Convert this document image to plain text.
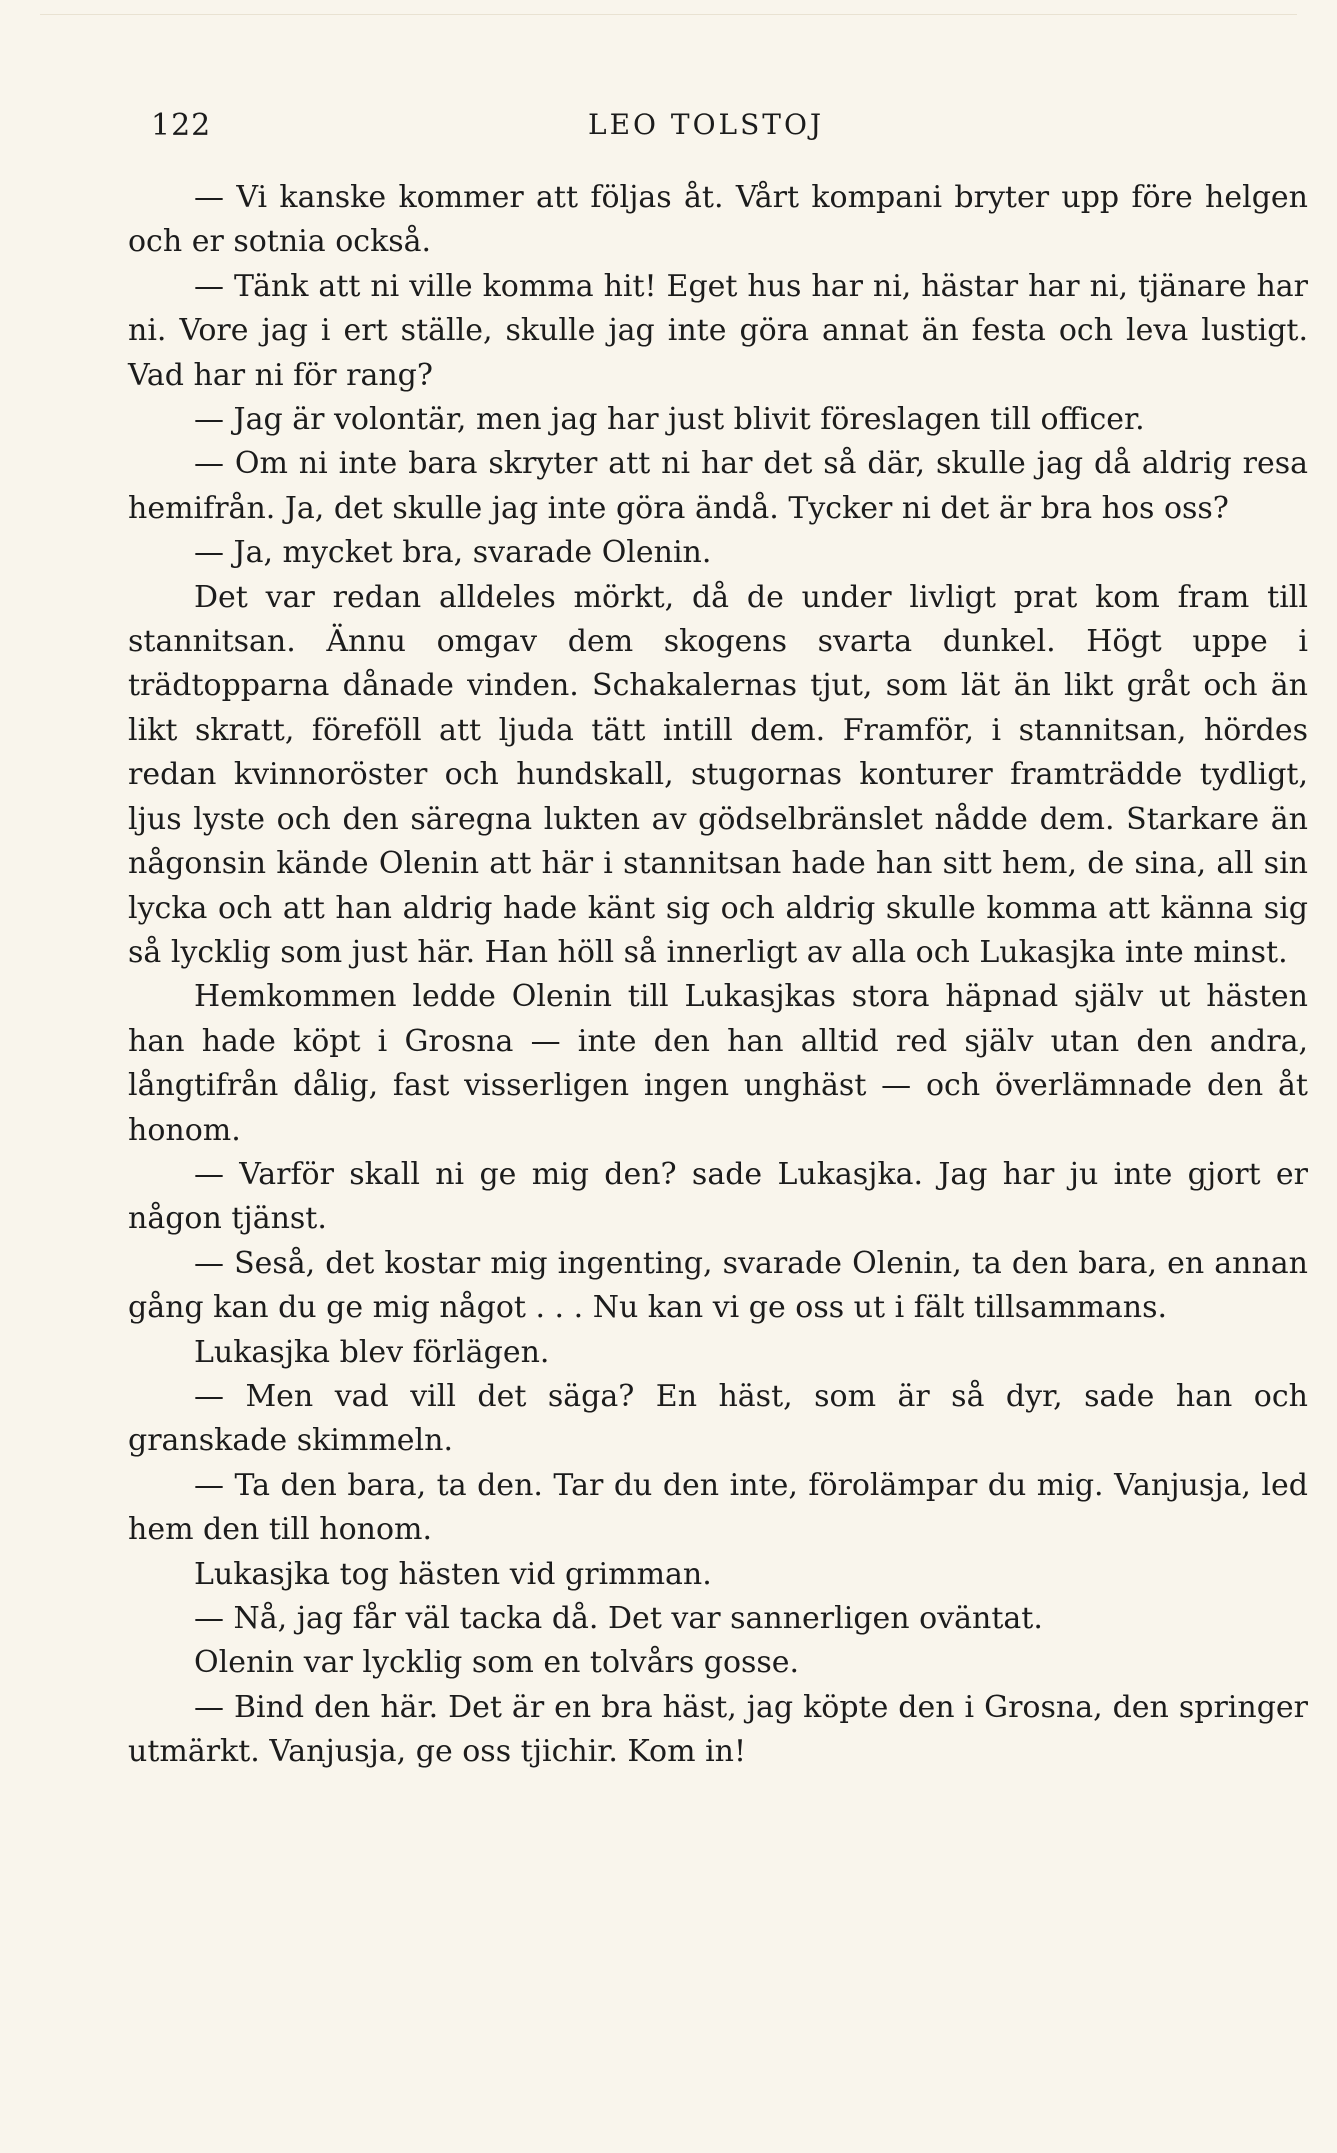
122	LEO TOLSTOJ

— Vi kanske kommer att följas åt. Vårt kompani bryter upp före helgen och er sotnia också.

— Tänk att ni ville komma hit! Eget hus har ni, hästar har ni, tjänare har ni. Vore jag i ert ställe, skulle jag inte göra annat än festa och leva lustigt. Vad har ni för rang?

— Jag är volontär, men jag har just blivit föreslagen till officer.

— Om ni inte bara skryter att ni har det så där, skulle jag då aldrig resa hemifrån. Ja, det skulle jag inte göra ändå. Tycker ni det är bra hos oss?

— Ja, mycket bra, svarade Olenin.

Det var redan alldeles mörkt, då de under livligt prat kom fram till stannitsan. Ännu omgav dem skogens svarta dunkel. Högt uppe i trädtopparna dånade vinden. Schakalernas tjut, som lät än likt gråt och än likt skratt, föreföll att ljuda tätt intill dem. Framför, i stannitsan, hördes redan kvinnoröster och hundskall, stugornas konturer framträdde tydligt, ljus lyste och den säregna lukten av gödselbränslet nådde dem. Starkare än någonsin kände Olenin att här i stannitsan hade han sitt hem, de sina, all sin lycka och att han aldrig hade känt sig och aldrig skulle komma att känna sig så lycklig som just här. Han höll så innerligt av alla och Lukasjka inte minst.

Hemkommen ledde Olenin till Lukasjkas stora häpnad själv ut hästen han hade köpt i Grosna — inte den han alltid red själv utan den andra, långtifrån dålig, fast visserligen ingen unghäst — och överlämnade den åt honom.

— Varför skall ni ge mig den? sade Lukasjka. Jag har ju inte gjort er någon tjänst.

— Seså, det kostar mig ingenting, svarade Olenin, ta den bara, en annan gång kan du ge mig något . . . Nu kan vi ge oss ut i fält tillsammans.

Lukasjka blev förlägen.

— Men vad vill det säga? En häst, som är så dyr, sade han och granskade skimmeln.

— Ta den bara, ta den. Tar du den inte, förolämpar du mig. Vanjusja, led hem den till honom.

Lukasjka tog hästen vid grimman.

— Nå, jag får väl tacka då. Det var sannerligen oväntat.

Olenin var lycklig som en tolvårs gosse.

— Bind den här. Det är en bra häst, jag köpte den i Grosna, den springer utmärkt. Vanjusja, ge oss tjichir. Kom in!
